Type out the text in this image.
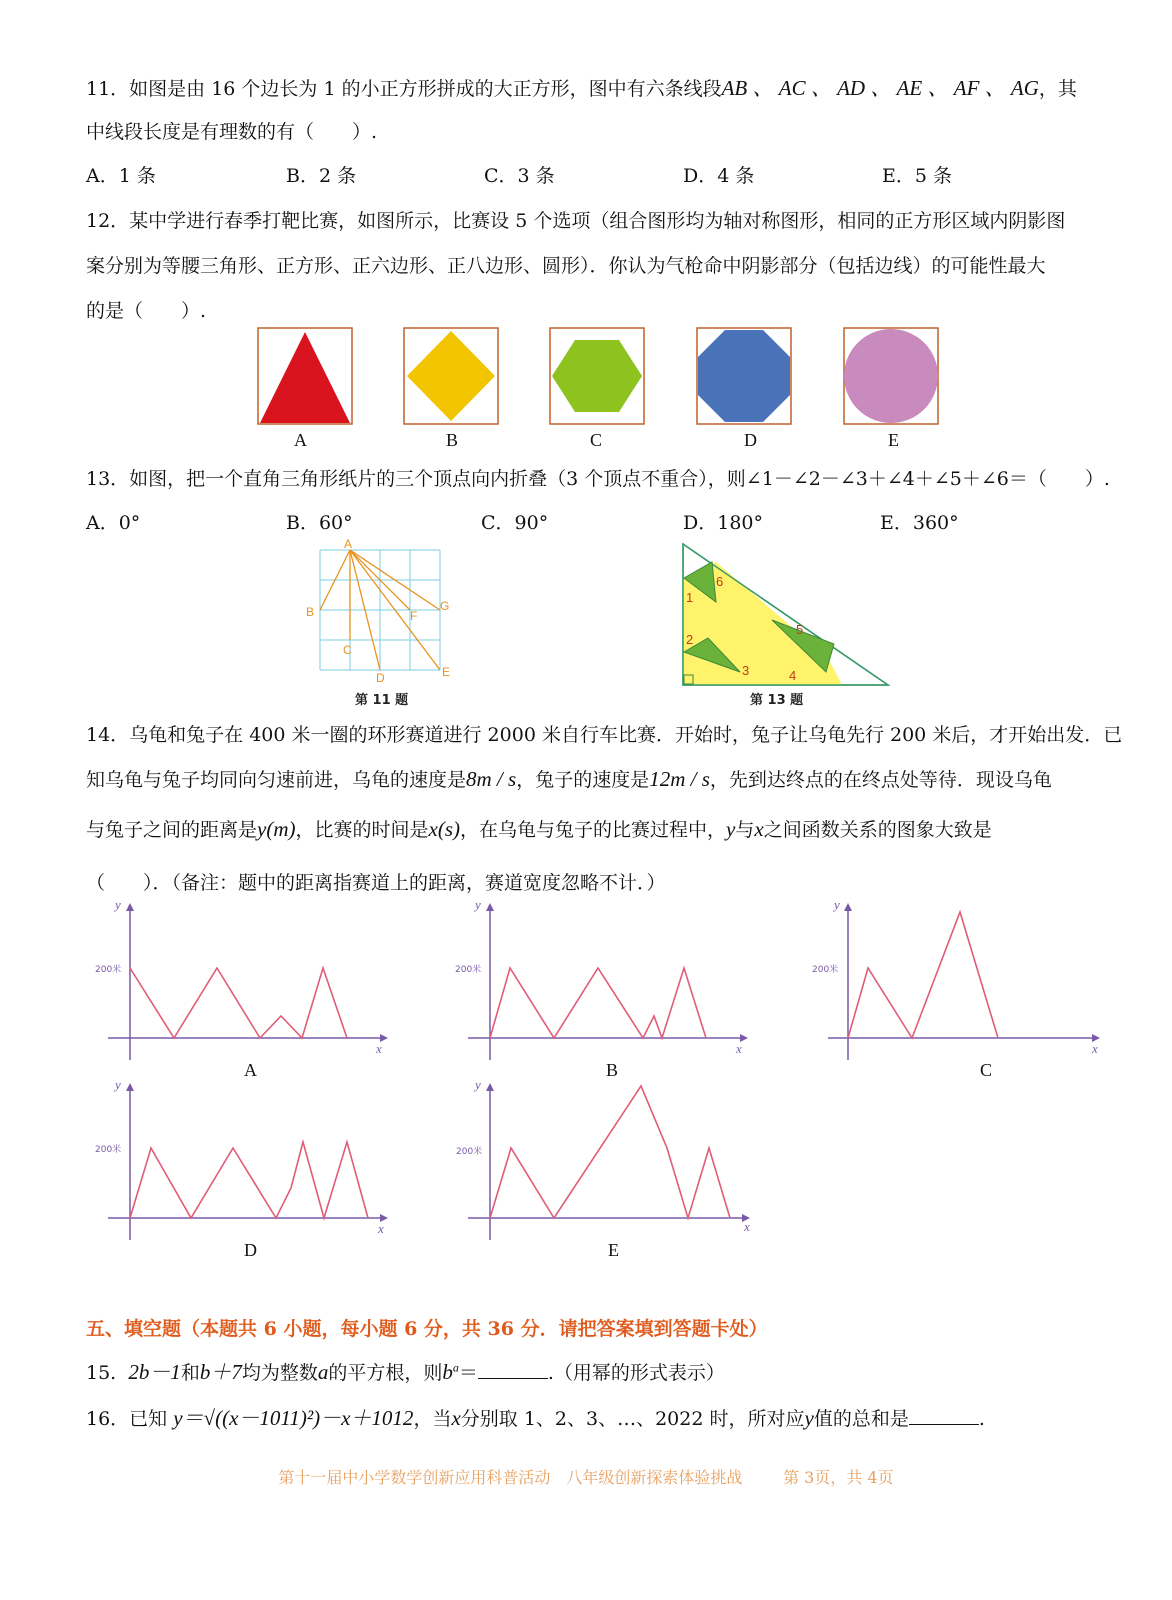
11．如图是由 16 个边长为 1 的小正方形拼成的大正方形，图中有六条线段AB 、 AC 、 AD 、 AE 、 AF 、 AG，其
中线段长度是有理数的有（　　）.
A．1 条	B．2 条	C．3 条	D．4 条	E．5 条
12．某中学进行春季打靶比赛，如图所示，比赛设 5 个选项（组合图形均为轴对称图形，相同的正方形区域内阴影图
案分别为等腰三角形、正方形、正六边形、正八边形、圆形）．你认为气枪命中阴影部分（包括边线）的可能性最大
的是（　　）.
A	B	C	D	E
13．如图，把一个直角三角形纸片的三个顶点向内折叠（3 个顶点不重合），则∠1－∠2－∠3＋∠4＋∠5＋∠6＝（　　）.
A．0°	B．60°	C．90°	D．180°	E．360°
A
B
C
D	E
F
G
第 11 题
1
2
3	4
5
6
第 13 题
14．乌龟和兔子在 400 米一圈的环形赛道进行 2000 米自行车比赛．开始时，兔子让乌龟先行 200 米后，才开始出发．已
知乌龟与兔子均同向匀速前进，乌龟的速度是8m / s，兔子的速度是12m / s，先到达终点的在终点处等待．现设乌龟
与兔子之间的距离是y(m)，比赛的时间是x(s)，在乌龟与兔子的比赛过程中，y与x之间函数关系的图象大致是
（　　）．（备注：题中的距离指赛道上的距离，赛道宽度忽略不计．）
y
x
200米
A
y
x
200米
B
y
x
200米
C
y
x
200米
D
y
x
200米
E
五、填空题（本题共 6 小题，每小题 6 分，共 36 分．请把答案填到答题卡处）
15. 2b－1和b＋7均为整数a的平方根，则$b^a=$	.（用幂的形式表示）
16．已知 y＝√((x－1011)²)－x＋1012，当x分别取 1、2、3、…、2022 时，所对应y值的总和是	.
第十一届中小学数学创新应用科普活动　八年级创新探索体验挑战	第 3页，共 4页
